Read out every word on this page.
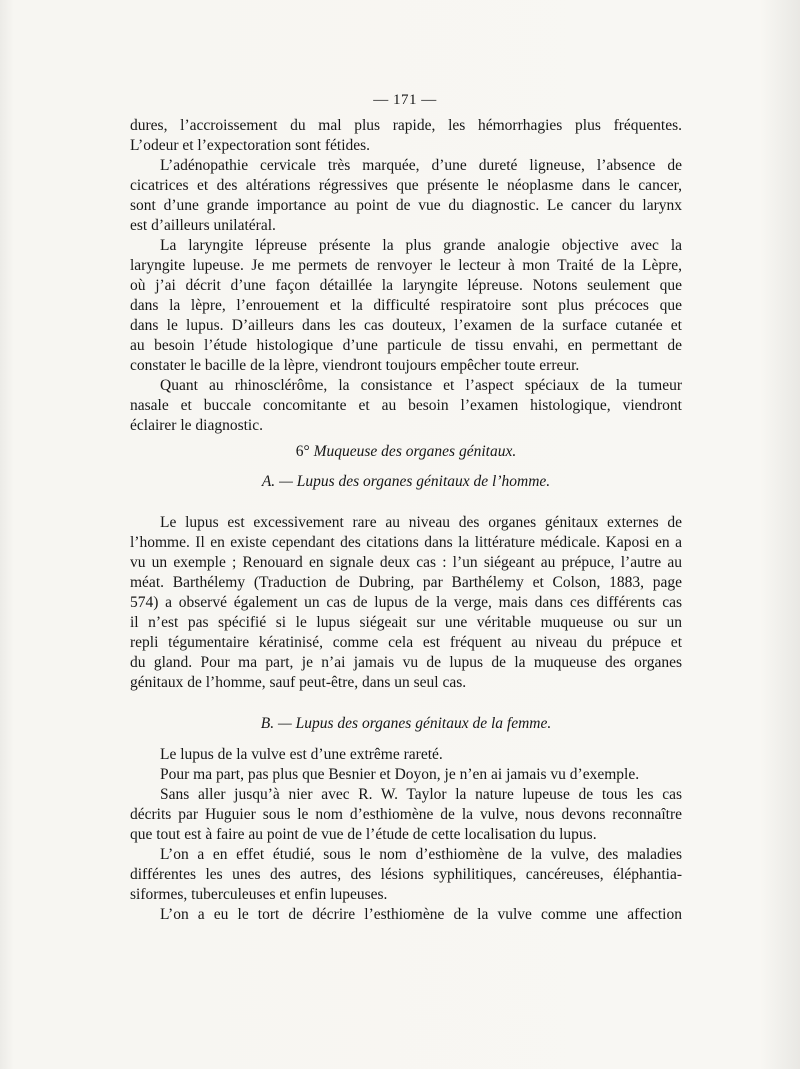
— 171 —
dures, l’accroissement du mal plus rapide, les hémorrhagies plus fréquentes.
L’odeur et l’expectoration sont fétides.
L’adénopathie cervicale très marquée, d’une dureté ligneuse, l’absence de
cicatrices et des altérations régressives que présente le néoplasme dans le cancer,
sont d’une grande importance au point de vue du diagnostic. Le cancer du larynx
est d’ailleurs unilatéral.
La laryngite lépreuse présente la plus grande analogie objective avec la
laryngite lupeuse. Je me permets de renvoyer le lecteur à mon Traité de la Lèpre,
où j’ai décrit d’une façon détaillée la laryngite lépreuse. Notons seulement que
dans la lèpre, l’enrouement et la difficulté respiratoire sont plus précoces que
dans le lupus. D’ailleurs dans les cas douteux, l’examen de la surface cutanée et
au besoin l’étude histologique d’une particule de tissu envahi, en permettant de
constater le bacille de la lèpre, viendront toujours empêcher toute erreur.
Quant au rhinosclérôme, la consistance et l’aspect spéciaux de la tumeur
nasale et buccale concomitante et au besoin l’examen histologique, viendront
éclairer le diagnostic.
6° Muqueuse des organes génitaux.
A. — Lupus des organes génitaux de l’homme.
Le lupus est excessivement rare au niveau des organes génitaux externes de
l’homme. Il en existe cependant des citations dans la littérature médicale. Kaposi en a
vu un exemple ; Renouard en signale deux cas : l’un siégeant au prépuce, l’autre au
méat. Barthélemy (Traduction de Dubring, par Barthélemy et Colson, 1883, page
574) a observé également un cas de lupus de la verge, mais dans ces différents cas
il n’est pas spécifié si le lupus siégeait sur une véritable muqueuse ou sur un
repli tégumentaire kératinisé, comme cela est fréquent au niveau du prépuce et
du gland. Pour ma part, je n’ai jamais vu de lupus de la muqueuse des organes
génitaux de l’homme, sauf peut-être, dans un seul cas.
B. — Lupus des organes génitaux de la femme.
Le lupus de la vulve est d’une extrême rareté.
Pour ma part, pas plus que Besnier et Doyon, je n’en ai jamais vu d’exemple.
Sans aller jusqu’à nier avec R. W. Taylor la nature lupeuse de tous les cas
décrits par Huguier sous le nom d’esthiomène de la vulve, nous devons reconnaître
que tout est à faire au point de vue de l’étude de cette localisation du lupus.
L’on a en effet étudié, sous le nom d’esthiomène de la vulve, des maladies
différentes les unes des autres, des lésions syphilitiques, cancéreuses, éléphantia-
siformes, tuberculeuses et enfin lupeuses.
L’on a eu le tort de décrire l’esthiomène de la vulve comme une affection
